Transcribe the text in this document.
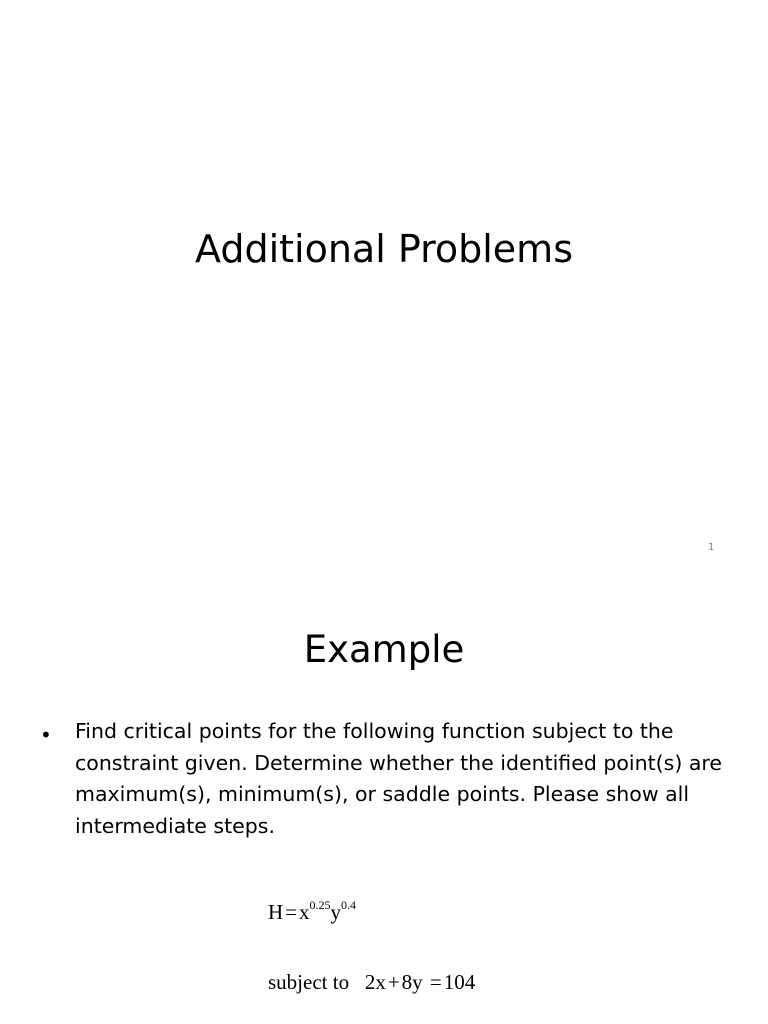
Additional Problems
1
Example
• Find critical points for the following function subject to the constraint given. Determine whether the identified point(s) are maximum(s), minimum(s), or saddle points. Please show all intermediate steps.
$H=x^{0.25}y^{0.4}$
subject to 2x+8y =104
